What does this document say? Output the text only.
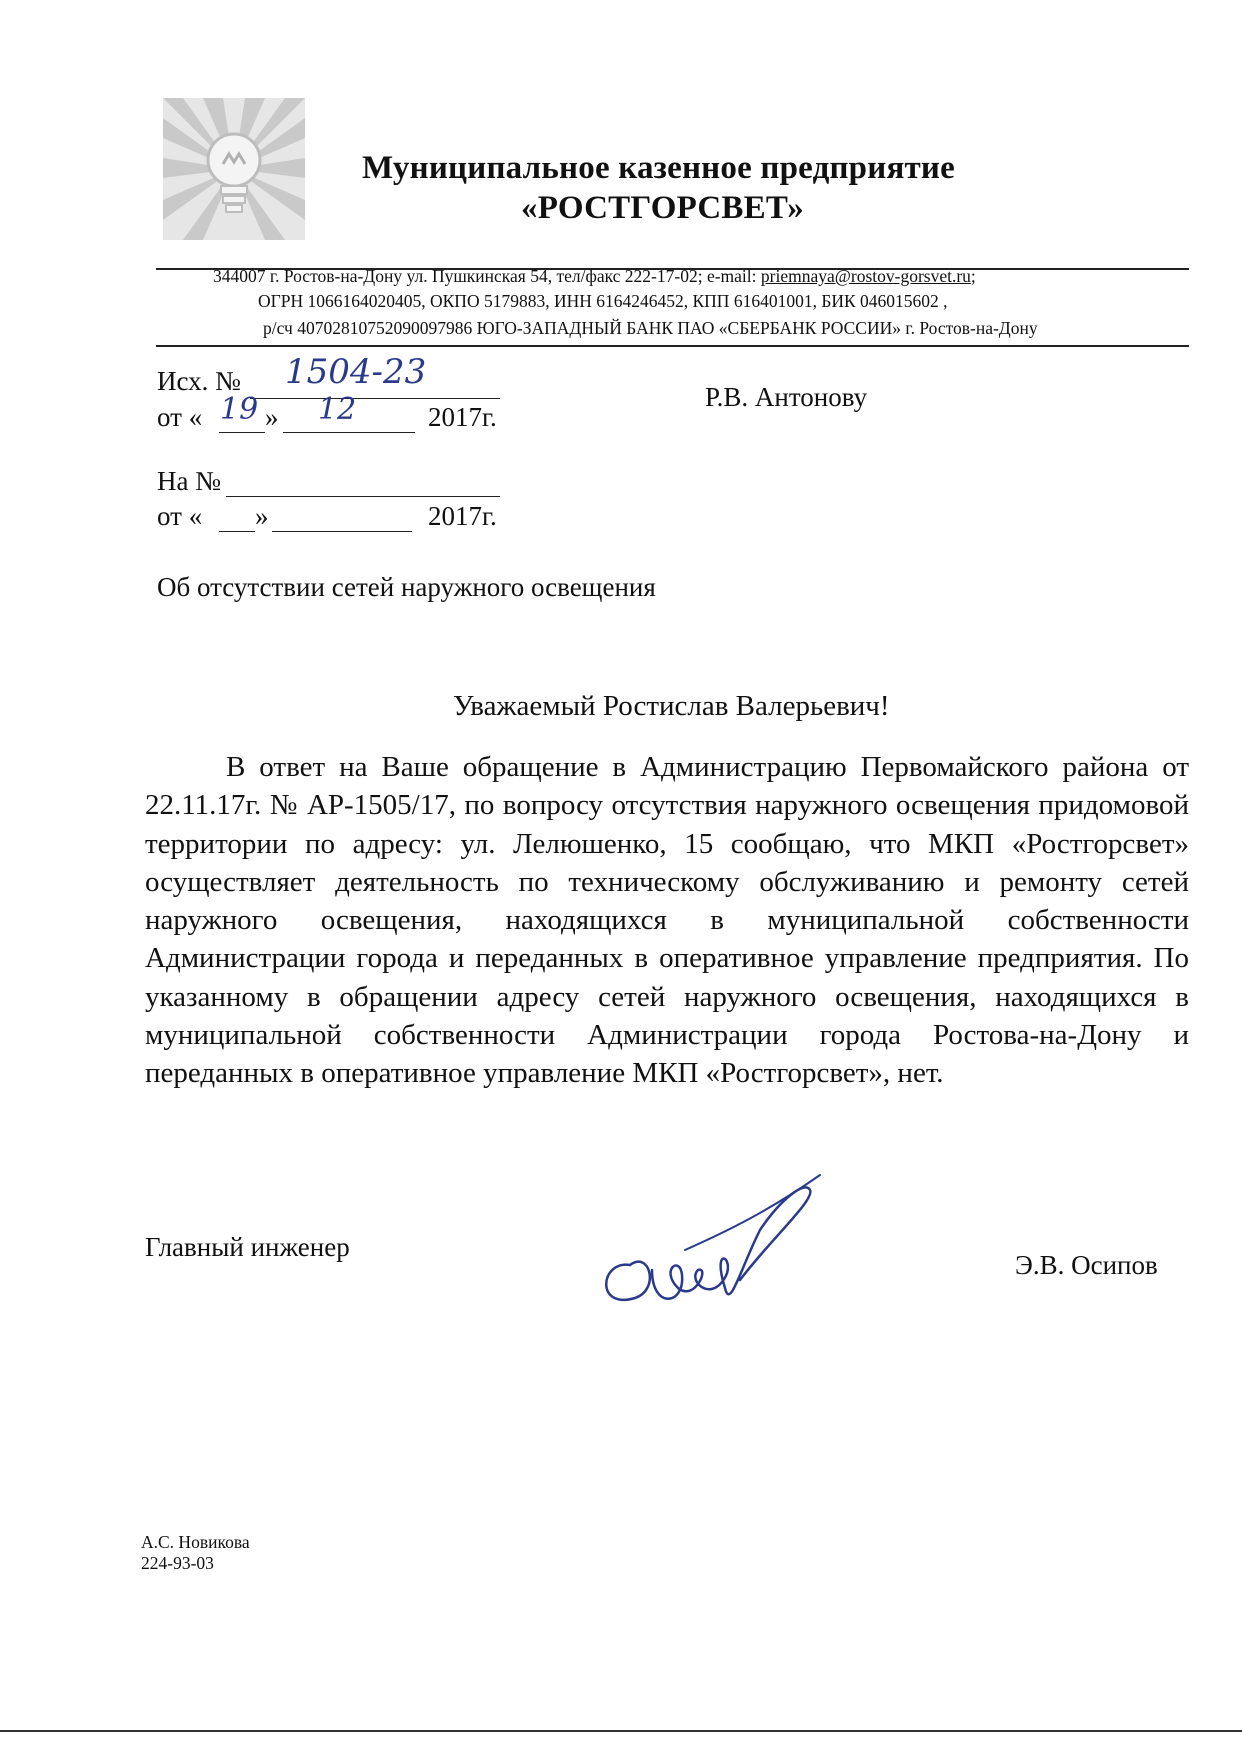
Муниципальное казенное предприятие
«РОСТГОРСВЕТ»
344007 г. Ростов-на-Дону ул. Пушкинская 54, тел/факс 222-17-02; e-mail: priemnaya@rostov-gorsvet.ru;
ОГРН 1066164020405, ОКПО 5179883, ИНН 6164246452, КПП 616401001, БИК 046015602 ,
р/сч 40702810752090097986 ЮГО-ЗАПАДНЫЙ БАНК ПАО «СБЕРБАНК РОССИИ» г. Ростов-на-Дону
Исх. № 1504-23
от « 19 » 12	2017г.
Р.В. Антонову
На №
от « »	2017г.
Об отсутствии сетей наружного освещения
Уважаемый Ростислав Валерьевич!
В ответ на Ваше обращение в Администрацию Первомайского района от 22.11.17г. № АР-1505/17, по вопросу отсутствия наружного освещения придомовой территории по адресу: ул. Лелюшенко, 15 сообщаю, что МКП «Ростгорсвет» осуществляет деятельность по техническому обслуживанию и ремонту сетей наружного освещения, находящихся в муниципальной собственности Администрации города и переданных в оперативное управление предприятия. По указанному в обращении адресу сетей наружного освещения, находящихся в муниципальной собственности Администрации города Ростова-на-Дону и переданных в оперативное управление МКП «Ростгорсвет», нет.
Главный инженер
Э.В. Осипов
А.С. Новикова
224-93-03
